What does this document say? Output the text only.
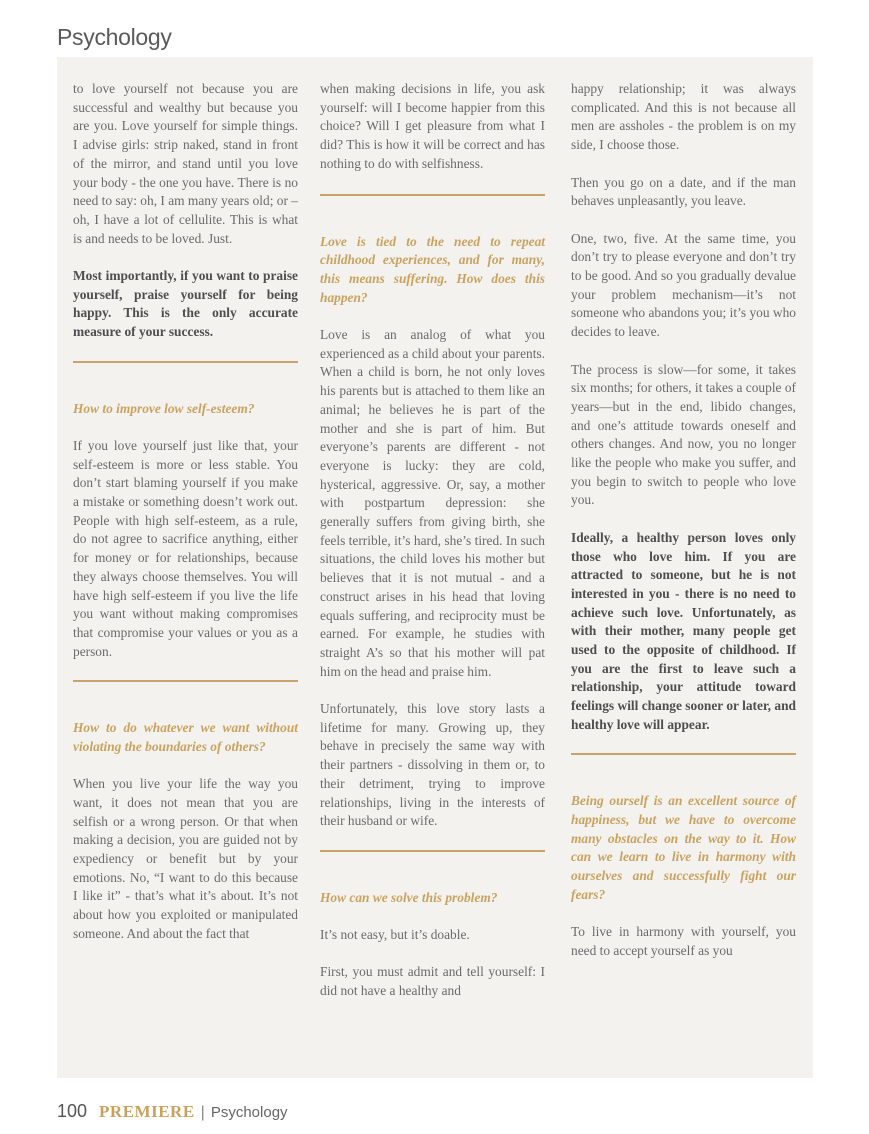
Psychology

to love yourself not because you are successful and wealthy but because you are you. Love yourself for simple things. I advise girls: strip naked, stand in front of the mirror, and stand until you love your body - the one you have. There is no need to say: oh, I am many years old; or – oh, I have a lot of cellulite. This is what is and needs to be loved. Just.

Most importantly, if you want to praise yourself, praise yourself for being happy. This is the only accurate measure of your success.

How to improve low self-esteem?

If you love yourself just like that, your self-esteem is more or less stable. You don’t start blaming yourself if you make a mistake or something doesn’t work out. People with high self-esteem, as a rule, do not agree to sacrifice anything, either for money or for relationships, because they always choose themselves. You will have high self-esteem if you live the life you want without making compromises that compromise your values or you as a person.

How to do whatever we want without violating the boundaries of others?

When you live your life the way you want, it does not mean that you are selfish or a wrong person. Or that when making a decision, you are guided not by expediency or benefit but by your emotions. No, “I want to do this because I like it” - that’s what it’s about. It’s not about how you exploited or manipulated someone. And about the fact that

when making decisions in life, you ask yourself: will I become happier from this choice? Will I get pleasure from what I did? This is how it will be correct and has nothing to do with selfishness.

Love is tied to the need to repeat childhood experiences, and for many, this means suffering. How does this happen?

Love is an analog of what you experienced as a child about your parents. When a child is born, he not only loves his parents but is attached to them like an animal; he believes he is part of the mother and she is part of him. But everyone’s parents are different - not everyone is lucky: they are cold, hysterical, aggressive. Or, say, a mother with postpartum depression: she generally suffers from giving birth, she feels terrible, it’s hard, she’s tired. In such situations, the child loves his mother but believes that it is not mutual - and a construct arises in his head that loving equals suffering, and reciprocity must be earned. For example, he studies with straight A’s so that his mother will pat him on the head and praise him.

Unfortunately, this love story lasts a lifetime for many. Growing up, they behave in precisely the same way with their partners - dissolving in them or, to their detriment, trying to improve relationships, living in the interests of their husband or wife.

How can we solve this problem?

It’s not easy, but it’s doable.

First, you must admit and tell yourself: I did not have a healthy and

happy relationship; it was always complicated. And this is not because all men are assholes - the problem is on my side, I choose those.

Then you go on a date, and if the man behaves unpleasantly, you leave.

One, two, five. At the same time, you don’t try to please everyone and don’t try to be good. And so you gradually devalue your problem mechanism—it’s not someone who abandons you; it’s you who decides to leave.

The process is slow—for some, it takes six months; for others, it takes a couple of years—but in the end, libido changes, and one’s attitude towards oneself and others changes. And now, you no longer like the people who make you suffer, and you begin to switch to people who love you.

Ideally, a healthy person loves only those who love him. If you are attracted to someone, but he is not interested in you - there is no need to achieve such love. Unfortunately, as with their mother, many people get used to the opposite of childhood. If you are the first to leave such a relationship, your attitude toward feelings will change sooner or later, and healthy love will appear.

Being ourself is an excellent source of happiness, but we have to overcome many obstacles on the way to it. How can we learn to live in harmony with ourselves and successfully fight our fears?

To live in harmony with yourself, you need to accept yourself as you

100 PREMIERE | Psychology
